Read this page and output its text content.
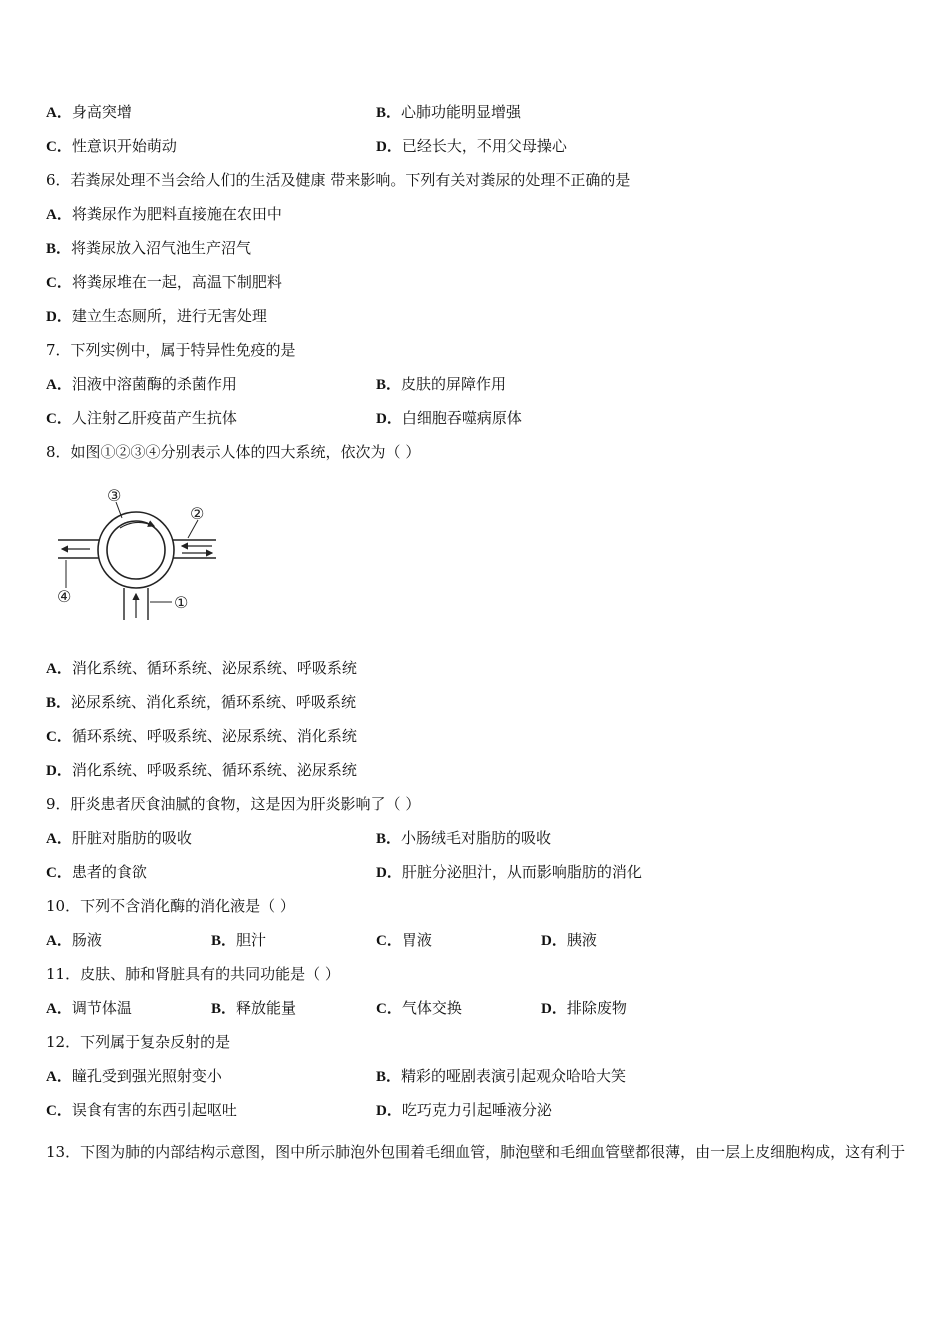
A．身高突增	B．心肺功能明显增强
C．性意识开始萌动	D．已经长大，不用父母操心
6．若粪尿处理不当会给人们的生活及健康 带来影响。下列有关对粪尿的处理不正确的是
A．将粪尿作为肥料直接施在农田中
B．将粪尿放入沼气池生产沼气
C．将粪尿堆在一起，高温下制肥料
D．建立生态厕所，进行无害处理
7．下列实例中，属于特异性免疫的是
A．泪液中溶菌酶的杀菌作用	B．皮肤的屏障作用
C．人注射乙肝疫苗产生抗体	D．白细胞吞噬病原体
8．如图①②③④分别表示人体的四大系统，依次为（ ）
③
②
④	①
A．消化系统、循环系统、泌尿系统、呼吸系统
B．泌尿系统、消化系统，循环系统、呼吸系统
C．循环系统、呼吸系统、泌尿系统、消化系统
D．消化系统、呼吸系统、循环系统、泌尿系统
9．肝炎患者厌食油腻的食物，这是因为肝炎影响了（ ）
A．肝脏对脂肪的吸收	B．小肠绒毛对脂肪的吸收
C．患者的食欲	D．肝脏分泌胆汁，从而影响脂肪的消化
10．下列不含消化酶的消化液是（ ）
A．肠液	B．胆汁	C．胃液	D．胰液
11．皮肤、肺和肾脏具有的共同功能是（ ）
A．调节体温	B．释放能量	C．气体交换	D．排除废物
12．下列属于复杂反射的是
A．瞳孔受到强光照射变小	B．精彩的哑剧表演引起观众哈哈大笑
C．误食有害的东西引起呕吐	D．吃巧克力引起唾液分泌
13．下图为肺的内部结构示意图，图中所示肺泡外包围着毛细血管，肺泡壁和毛细血管壁都很薄，由一层上皮细胞构成，这有利于
